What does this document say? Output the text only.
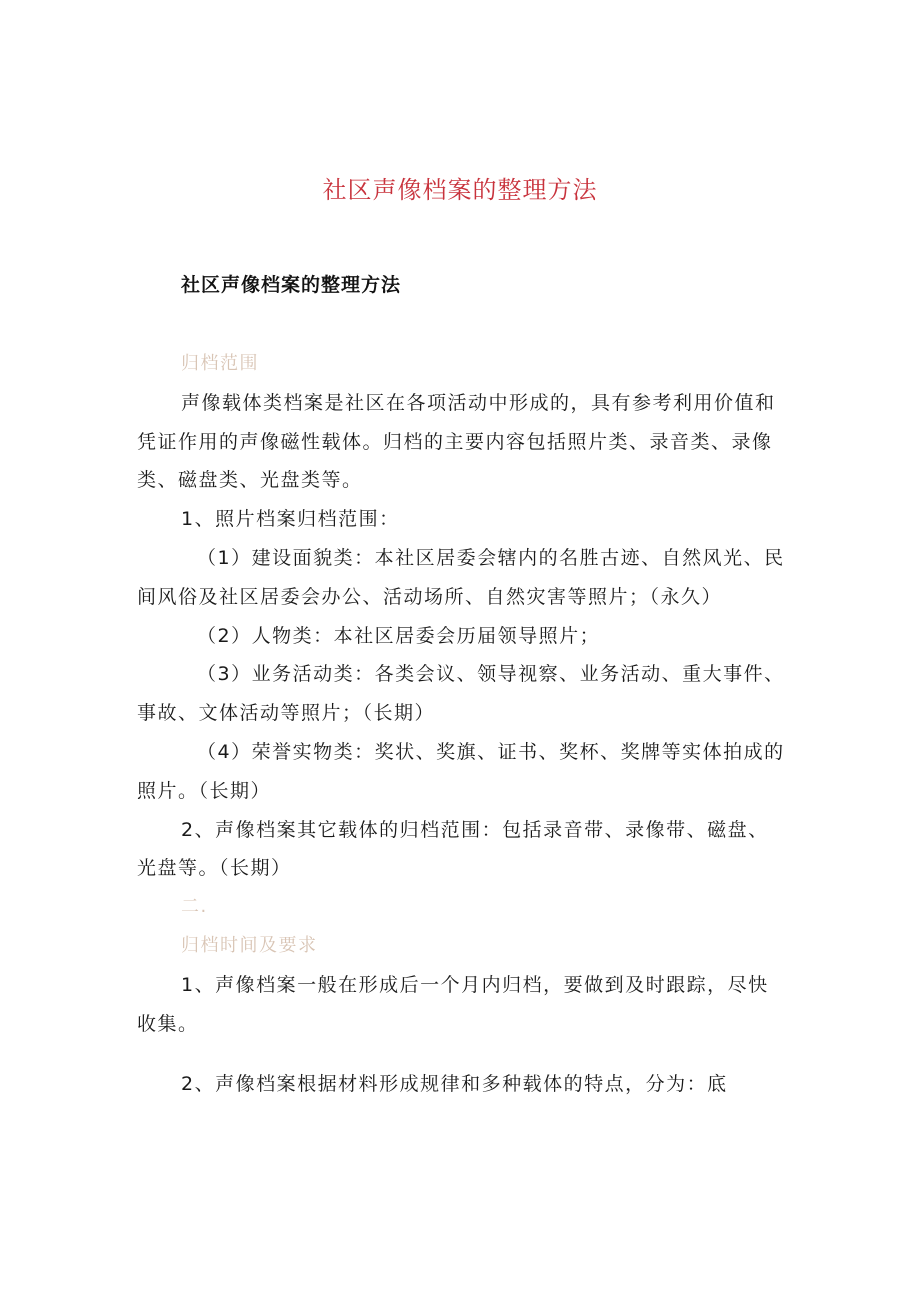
社区声像档案的整理方法
社区声像档案的整理方法

归档范围

声像载体类档案是社区在各项活动中形成的，具有参考利用价值和凭证作用的声像磁性载体。归档的主要内容包括照片类、录音类、录像类、磁盘类、光盘类等。

1、照片档案归档范围：

（1）建设面貌类：本社区居委会辖内的名胜古迹、自然风光、民间风俗及社区居委会办公、活动场所、自然灾害等照片；（永久）

（2）人物类：本社区居委会历届领导照片；

（3）业务活动类：各类会议、领导视察、业务活动、重大事件、事故、文体活动等照片；（长期）

（4）荣誉实物类：奖状、奖旗、证书、奖杯、奖牌等实体拍成的照片。（长期）

2、声像档案其它载体的归档范围：包括录音带、录像带、磁盘、光盘等。（长期）

二.

归档时间及要求

1、声像档案一般在形成后一个月内归档，要做到及时跟踪，尽快收集。

2、声像档案根据材料形成规律和多种载体的特点，分为：底
